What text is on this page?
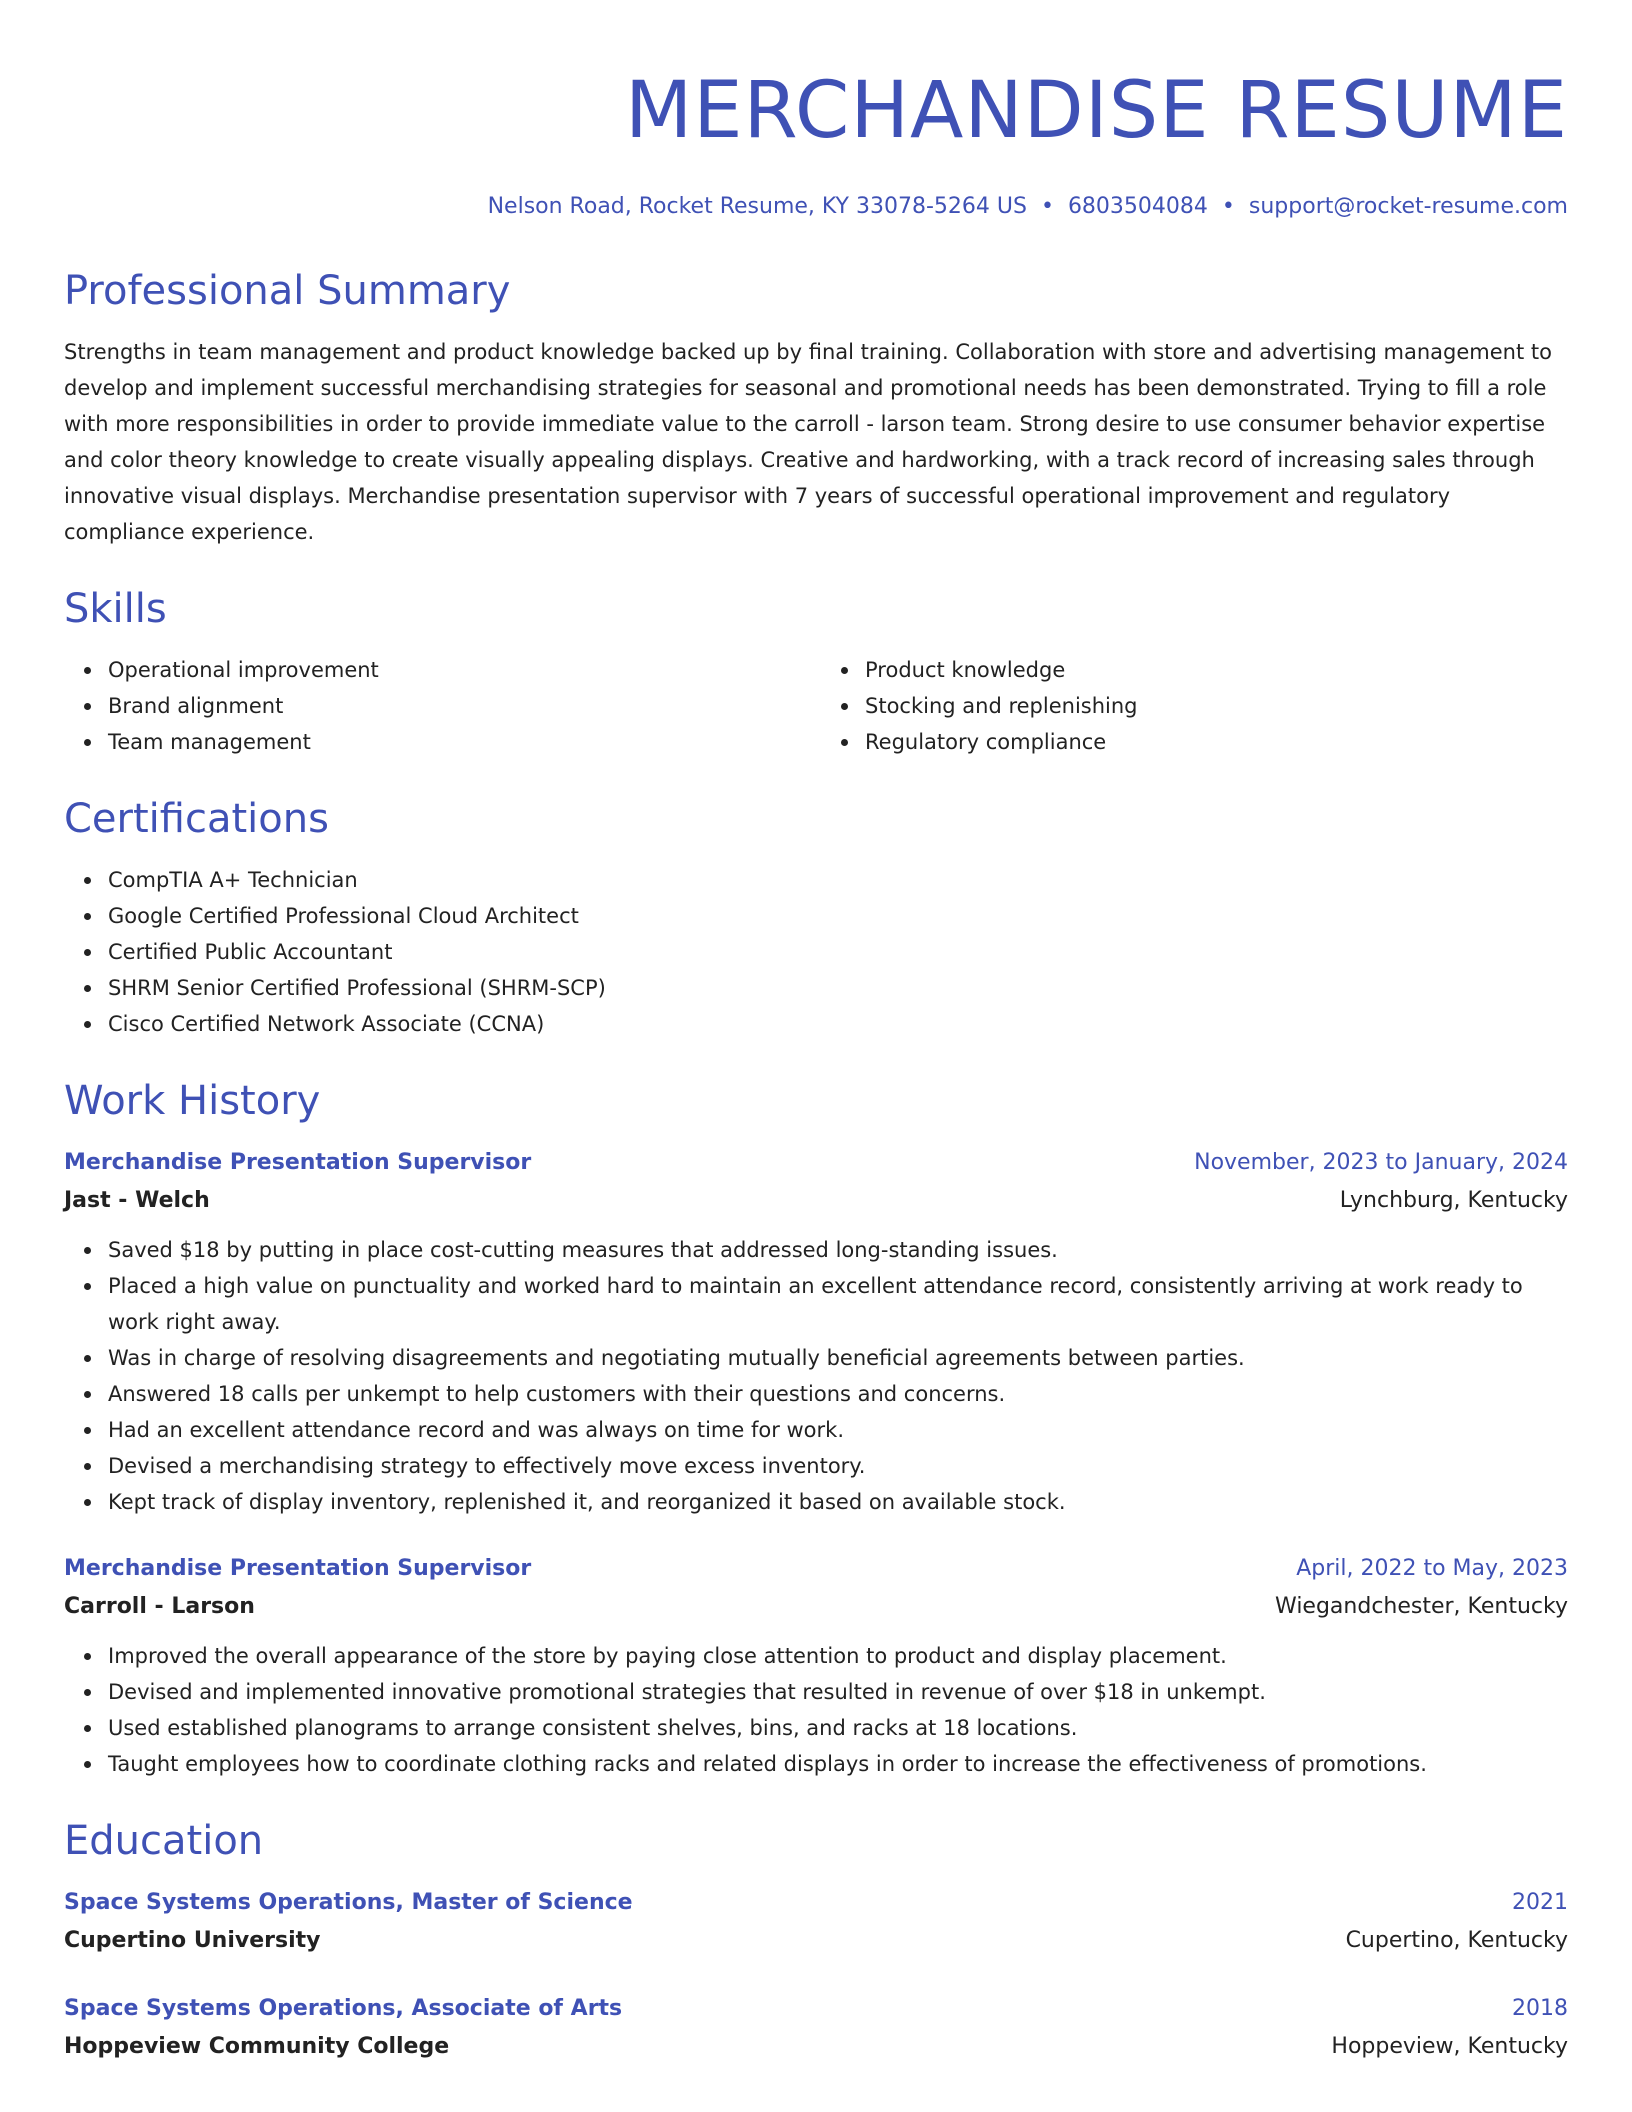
MERCHANDISE RESUME
Nelson Road, Rocket Resume, KY 33078-5264 US • 6803504084 • support@rocket-resume.com
Professional Summary

Strengths in team management and product knowledge backed up by final training. Collaboration with store and advertising management to develop and implement successful merchandising strategies for seasonal and promotional needs has been demonstrated. Trying to fill a role with more responsibilities in order to provide immediate value to the carroll - larson team. Strong desire to use consumer behavior expertise and color theory knowledge to create visually appealing displays. Creative and hardworking, with a track record of increasing sales through innovative visual displays. Merchandise presentation supervisor with 7 years of successful operational improvement and regulatory compliance experience.

Skills
Operational improvement
Brand alignment
Team management
Product knowledge
Stocking and replenishing
Regulatory compliance
Certifications
CompTIA A+ Technician
Google Certified Professional Cloud Architect
Certified Public Accountant
SHRM Senior Certified Professional (SHRM-SCP)
Cisco Certified Network Associate (CCNA)
Work History
Merchandise Presentation Supervisor	November, 2023 to January, 2024
Jast - Welch	Lynchburg, Kentucky
Saved $18 by putting in place cost-cutting measures that addressed long-standing issues.
Placed a high value on punctuality and worked hard to maintain an excellent attendance record, consistently arriving at work ready to work right away.
Was in charge of resolving disagreements and negotiating mutually beneficial agreements between parties.
Answered 18 calls per unkempt to help customers with their questions and concerns.
Had an excellent attendance record and was always on time for work.
Devised a merchandising strategy to effectively move excess inventory.
Kept track of display inventory, replenished it, and reorganized it based on available stock.
Merchandise Presentation Supervisor	April, 2022 to May, 2023
Carroll - Larson	Wiegandchester, Kentucky
Improved the overall appearance of the store by paying close attention to product and display placement.
Devised and implemented innovative promotional strategies that resulted in revenue of over $18 in unkempt.
Used established planograms to arrange consistent shelves, bins, and racks at 18 locations.
Taught employees how to coordinate clothing racks and related displays in order to increase the effectiveness of promotions.
Education
Space Systems Operations, Master of Science	2021
Cupertino University	Cupertino, Kentucky
Space Systems Operations, Associate of Arts	2018
Hoppeview Community College	Hoppeview, Kentucky
